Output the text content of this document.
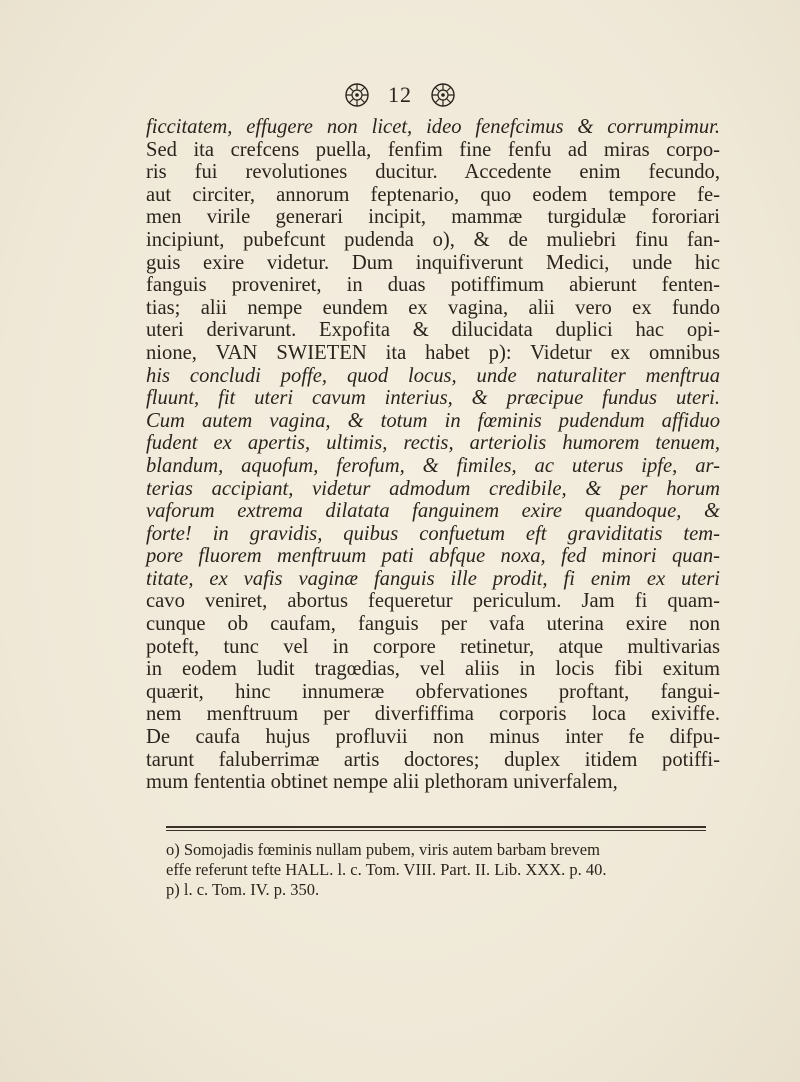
12
ficcitatem, effugere non licet, ideo fenefcimus & corrumpimur.
Sed ita crefcens puella, fenfim fine fenfu ad miras corpo-
ris fui revolutiones ducitur. Accedente enim fecundo,
aut circiter, annorum feptenario, quo eodem tempore fe-
men virile generari incipit, mammæ turgidulæ fororiari
incipiunt, pubefcunt pudenda o), & de muliebri finu fan-
guis exire videtur. Dum inquifiverunt Medici, unde hic
fanguis proveniret, in duas potiffimum abierunt fenten-
tias; alii nempe eundem ex vagina, alii vero ex fundo
uteri derivarunt. Expofita & dilucidata duplici hac opi-
nione, VAN SWIETEN ita habet p): Videtur ex omnibus
his concludi poffe, quod locus, unde naturaliter menftrua
fluunt, fit uteri cavum interius, & præcipue fundus uteri.
Cum autem vagina, & totum in fœminis pudendum affiduo
fudent ex apertis, ultimis, rectis, arteriolis humorem tenuem,
blandum, aquofum, ferofum, & fimiles, ac uterus ipfe, ar-
terias accipiant, videtur admodum credibile, & per horum
vaforum extrema dilatata fanguinem exire quandoque, &
forte! in gravidis, quibus confuetum eft graviditatis tem-
pore fluorem menftruum pati abfque noxa, fed minori quan-
titate, ex vafis vaginæ fanguis ille prodit, fi enim ex uteri
cavo veniret, abortus fequeretur periculum. Jam fi quam-
cunque ob caufam, fanguis per vafa uterina exire non
poteft, tunc vel in corpore retinetur, atque multivarias
in eodem ludit tragœdias, vel aliis in locis fibi exitum
quærit, hinc innumeræ obfervationes proftant, fangui-
nem menftruum per diverfiffima corporis loca exiviffe.
De caufa hujus profluvii non minus inter fe difpu-
tarunt faluberrimæ artis doctores; duplex itidem potiffi-
mum fententia obtinet nempe alii plethoram univerfalem,
o) Somojadis fœminis nullam pubem, viris autem barbam brevem
effe referunt tefte HALL. l. c. Tom. VIII. Part. II. Lib. XXX. p. 40.
p) l. c. Tom. IV. p. 350.
